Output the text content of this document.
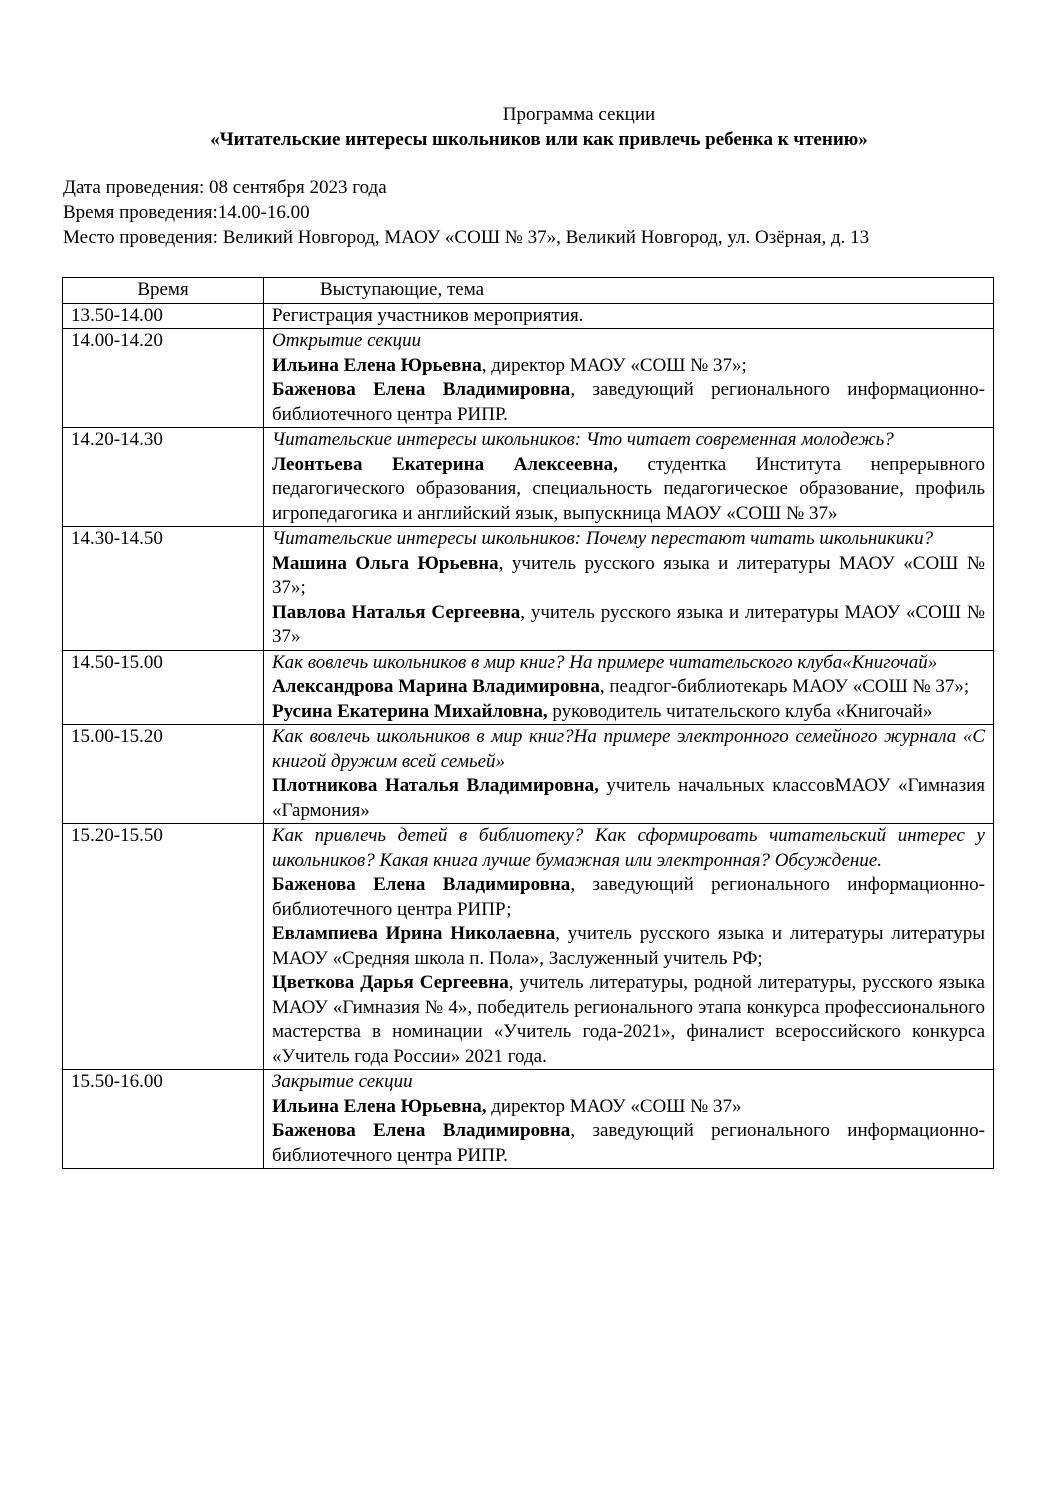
Программа секции
«Читательские интересы школьников или как привлечь ребенка к чтению»
Дата проведения: 08 сентября 2023 года
Время проведения:14.00-16.00
Место проведения: Великий Новгород, МАОУ «СОШ № 37», Великий Новгород, ул. Озёрная, д. 13
Время	Выступающие, тема
13.50-14.00	Регистрация участников мероприятия.

14.00-14.20	Открытие секции
Ильина Елена Юрьевна, директор МАОУ «СОШ № 37»;
Баженова Елена Владимировна, заведующий регионального информационно-библиотечного центра РИПР.

14.20-14.30	Читательские интересы школьников: Что читает современная молодежь?
Леонтьева Екатерина Алексеевна, студентка Института непрерывного педагогического образования, специальность педагогическое образование, профиль игропедагогика и английский язык, выпускница МАОУ «СОШ № 37»

14.30-14.50	Читательские интересы школьников: Почему перестают читать школьникики?
Машина Ольга Юрьевна, учитель русского языка и литературы МАОУ «СОШ № 37»;
Павлова Наталья Сергеевна, учитель русского языка и литературы МАОУ «СОШ № 37»

14.50-15.00	Как вовлечь школьников в мир книг? На примере читательского клуба«Книгочай»
Александрова Марина Владимировна, пеадгог-библиотекарь МАОУ «СОШ № 37»;
Русина Екатерина Михайловна, руководитель читательского клуба «Книгочай»

15.00-15.20	Как вовлечь школьников в мир книг?На примере электронного семейного журнала «С книгой дружим всей семьей»
Плотникова Наталья Владимировна, учитель начальных классовМАОУ «Гимназия «Гармония»

15.20-15.50	Как привлечь детей в библиотеку? Как сформировать читательский интерес у школьников? Какая книга лучше бумажная или электронная? Обсуждение.
Баженова Елена Владимировна, заведующий регионального информационно-библиотечного центра РИПР;
Евлампиева Ирина Николаевна, учитель русского языка и литературы литературы МАОУ «Средняя школа п. Пола», Заслуженный учитель РФ;
Цветкова Дарья Сергеевна, учитель литературы, родной литературы, русского языка МАОУ «Гимназия № 4», победитель регионального этапа конкурса профессионального мастерства в номинации «Учитель года-2021», финалист всероссийского конкурса «Учитель года России» 2021 года.

15.50-16.00	Закрытие секции
Ильина Елена Юрьевна, директор МАОУ «СОШ № 37»
Баженова Елена Владимировна, заведующий регионального информационно-библиотечного центра РИПР.
